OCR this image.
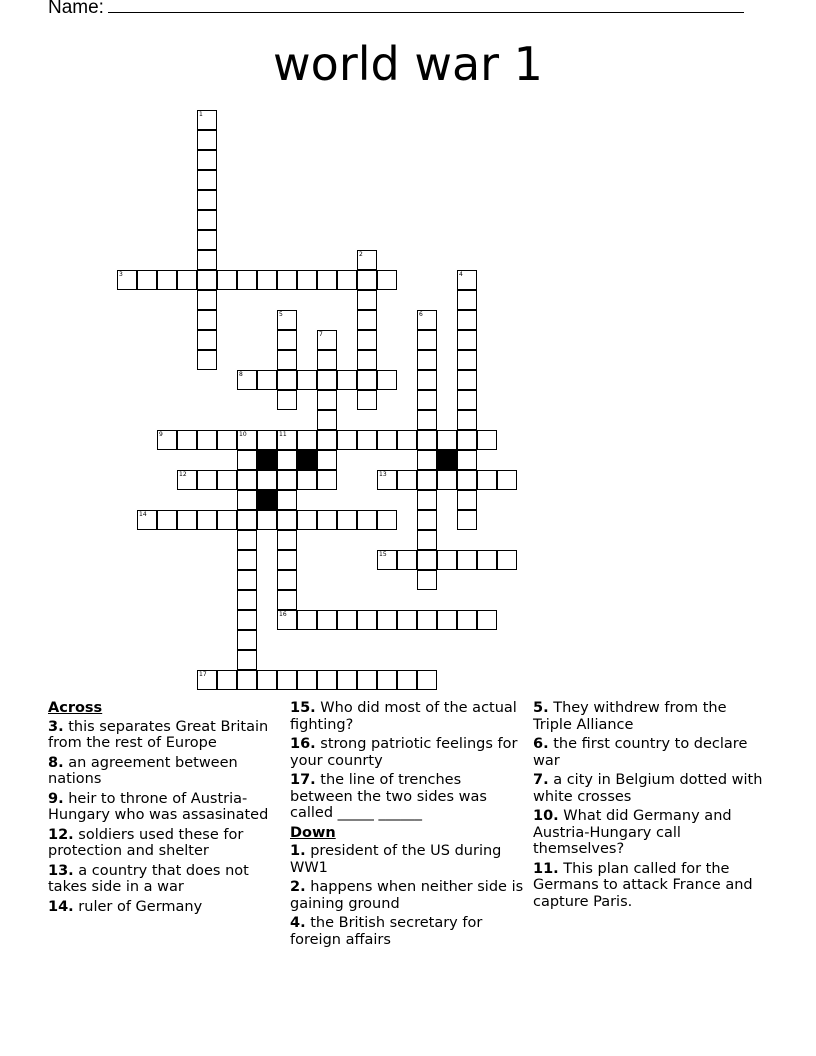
Name:
world war 1
1
2
3	4
5	6
7
8
9	10	11
12	13
14
15
16
17
Across
3. this separates Great Britain from the rest of Europe
8. an agreement between nations
9. heir to throne of Austria-Hungary who was assasinated
12. soldiers used these for protection and shelter
13. a country that does not takes side in a war
14. ruler of Germany
15. Who did most of the actual fighting?
16. strong patriotic feelings for your counrty
17. the line of trenches between the two sides was called _____ ______
Down
1. president of the US during WW1
2. happens when neither side is gaining ground
4. the British secretary for foreign affairs
5. They withdrew from the Triple Alliance
6. the first country to declare war
7. a city in Belgium dotted with white crosses
10. What did Germany and Austria-Hungary call themselves?
11. This plan called for the Germans to attack France and capture Paris.
